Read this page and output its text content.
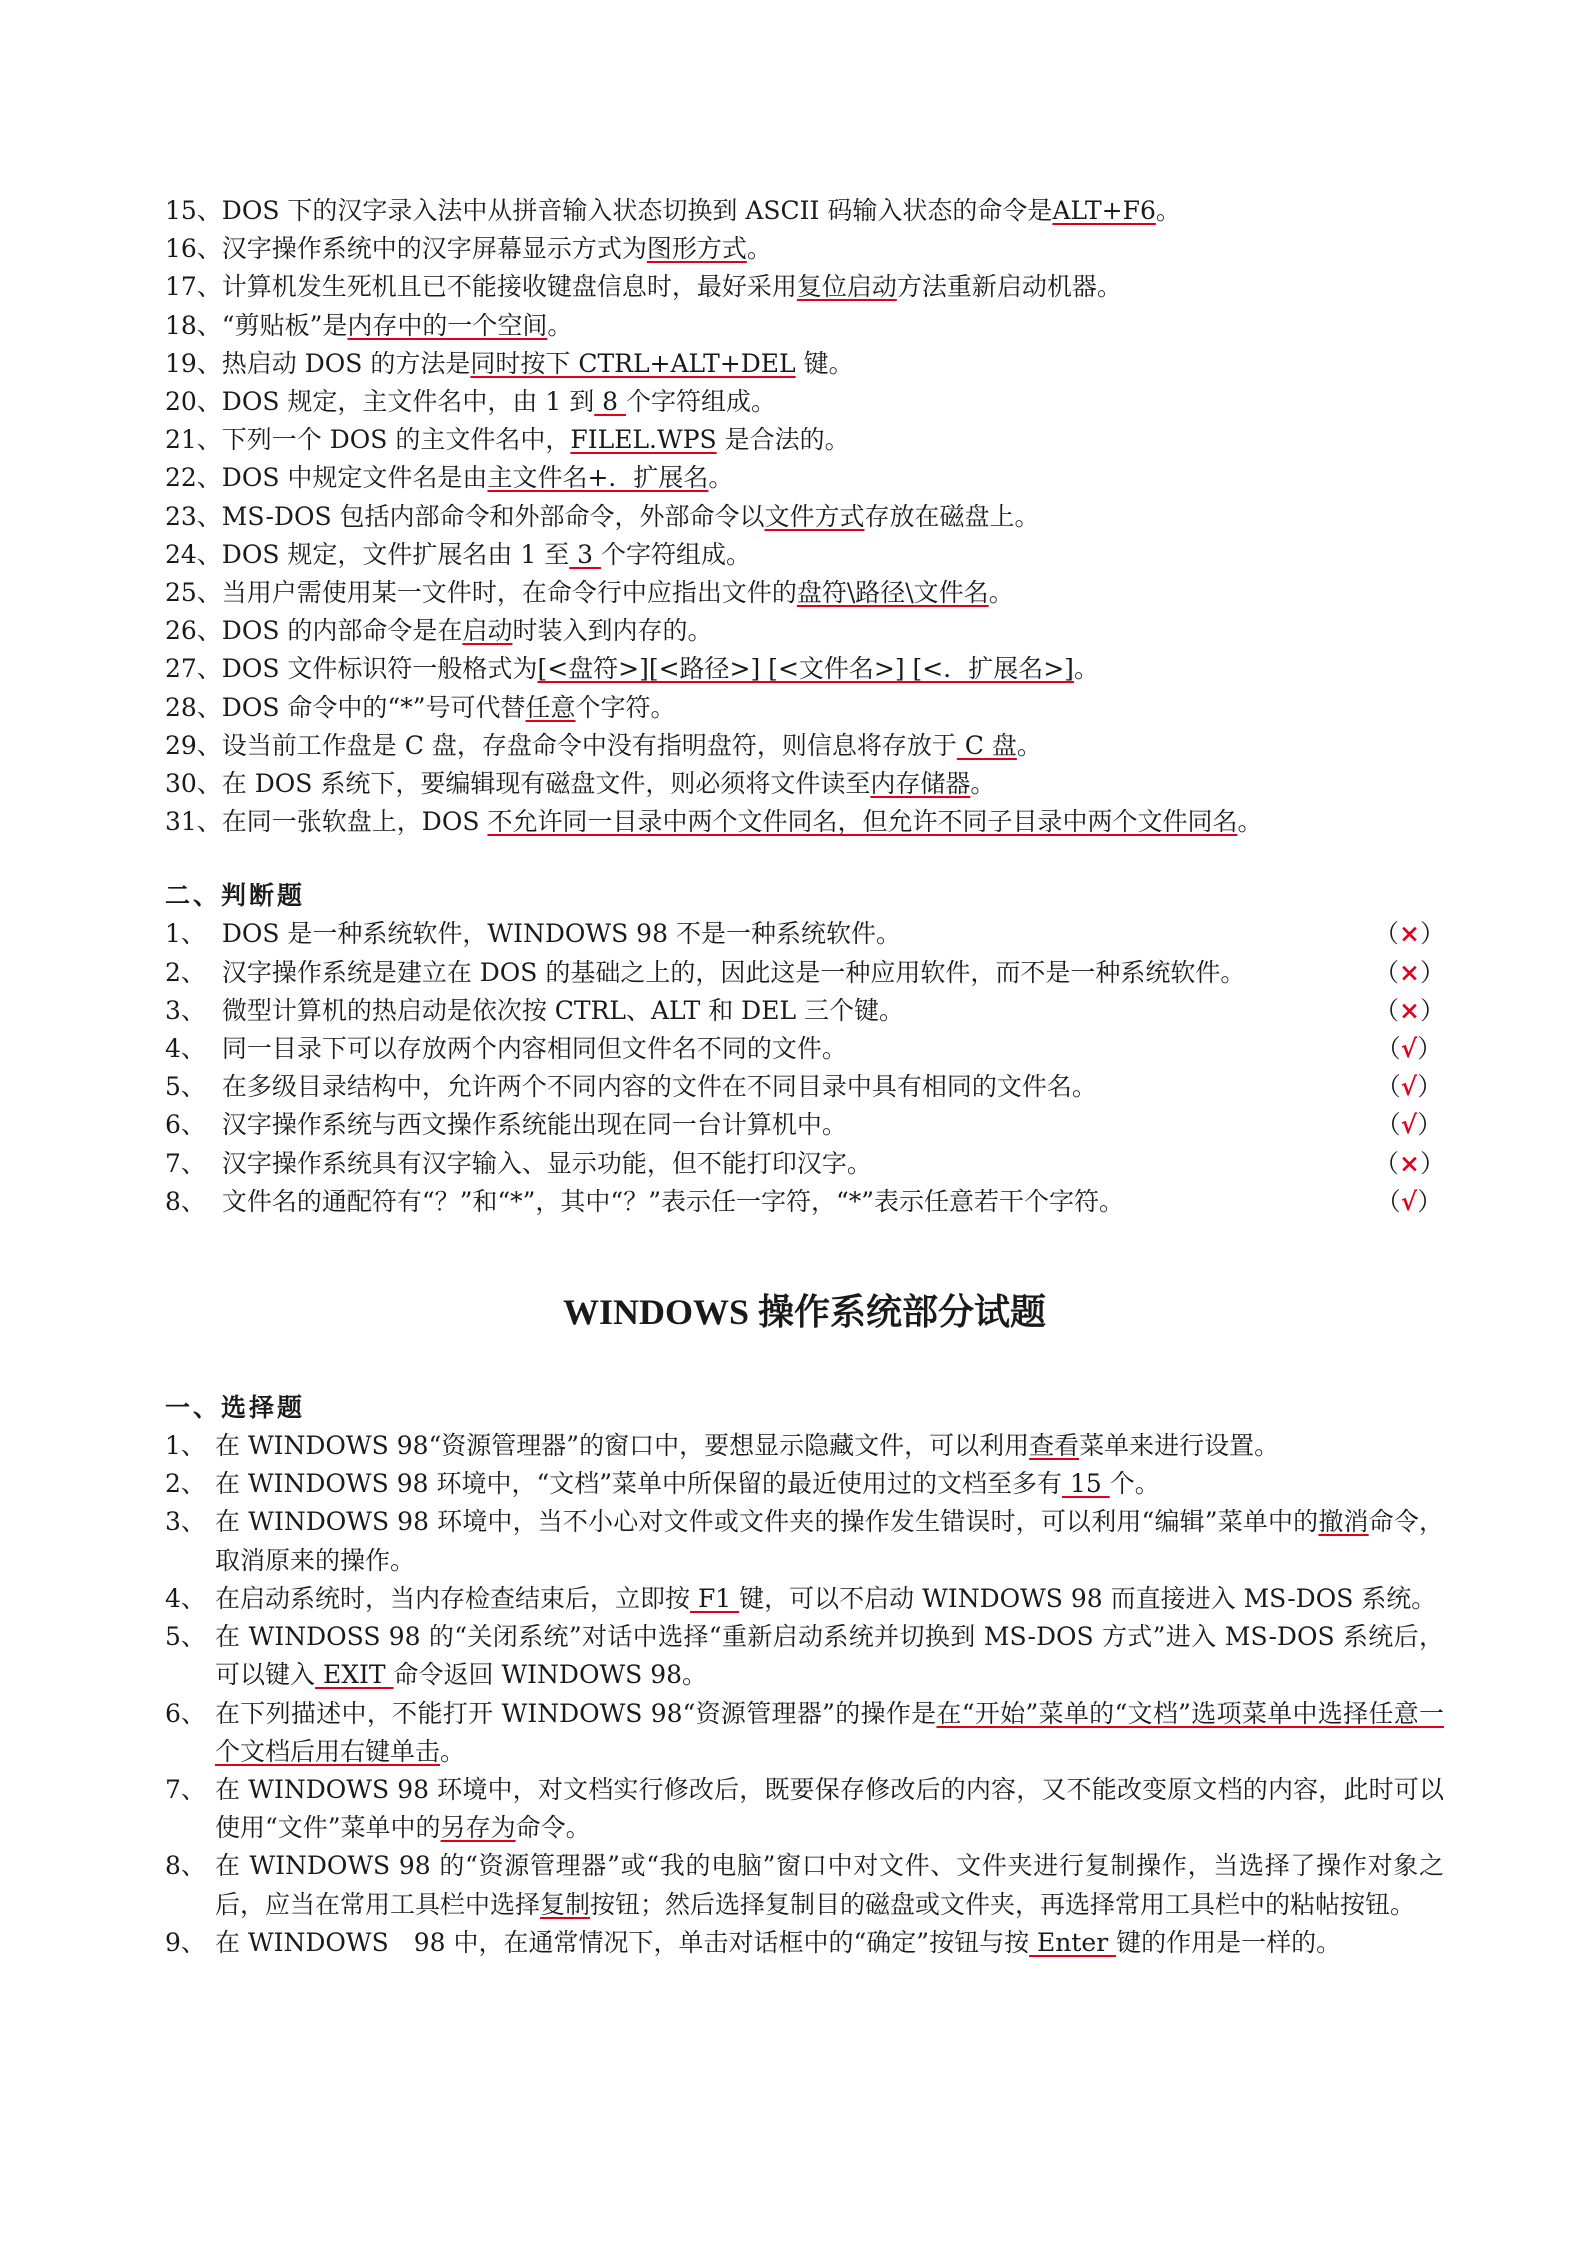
15、DOS 下的汉字录入法中从拼音输入状态切换到 ASCII 码输入状态的命令是ALT+F6。
16、汉字操作系统中的汉字屏幕显示方式为图形方式。
17、计算机发生死机且已不能接收键盘信息时，最好采用复位启动方法重新启动机器。
18、“剪贴板”是内存中的一个空间。
19、热启动 DOS 的方法是同时按下 CTRL+ALT+DEL 键。
20、DOS 规定，主文件名中，由 1 到 8 个字符组成。
21、下列一个 DOS 的主文件名中，FILEL.WPS 是合法的。
22、DOS 中规定文件名是由主文件名+．扩展名。
23、MS-DOS 包括内部命令和外部命令，外部命令以文件方式存放在磁盘上。
24、DOS 规定，文件扩展名由 1 至 3 个字符组成。
25、当用户需使用某一文件时，在命令行中应指出文件的盘符\路径\文件名。
26、DOS 的内部命令是在启动时装入到内存的。
27、DOS 文件标识符一般格式为[<盘符>][<路径>] [<文件名>] [<．扩展名>]。
28、DOS 命令中的“*”号可代替任意个字符。
29、设当前工作盘是 C 盘，存盘命令中没有指明盘符，则信息将存放于 C 盘。
30、在 DOS 系统下，要编辑现有磁盘文件，则必须将文件读至内存储器。
31、在同一张软盘上，DOS 不允许同一目录中两个文件同名，但允许不同子目录中两个文件同名。
二、判断题
1、 DOS 是一种系统软件，WINDOWS 98 不是一种系统软件。	（×）
2、 汉字操作系统是建立在 DOS 的基础之上的，因此这是一种应用软件，而不是一种系统软件。	（×）
3、 微型计算机的热启动是依次按 CTRL、ALT 和 DEL 三个键。	（×）
4、 同一目录下可以存放两个内容相同但文件名不同的文件。	（√）
5、 在多级目录结构中，允许两个不同内容的文件在不同目录中具有相同的文件名。	（√）
6、 汉字操作系统与西文操作系统能出现在同一台计算机中。	（√）
7、 汉字操作系统具有汉字输入、显示功能，但不能打印汉字。	（×）
8、 文件名的通配符有“？”和“*”，其中“？”表示任一字符，“*”表示任意若干个字符。	（√）
WINDOWS 操作系统部分试题
一、选择题
1、 在 WINDOWS 98“资源管理器”的窗口中，要想显示隐藏文件，可以利用查看菜单来进行设置。
2、 在 WINDOWS 98 环境中，“文档”菜单中所保留的最近使用过的文档至多有 15 个。
3、 在 WINDOWS 98 环境中，当不小心对文件或文件夹的操作发生错误时，可以利用“编辑”菜单中的撤消命令，取消原来的操作。
4、 在启动系统时，当内存检查结束后，立即按 F1 键，可以不启动 WINDOWS 98 而直接进入 MS-DOS 系统。
5、 在 WINDOSS 98 的“关闭系统”对话中选择“重新启动系统并切换到 MS-DOS 方式”进入 MS-DOS 系统后，可以键入 EXIT 命令返回 WINDOWS 98。
6、 在下列描述中，不能打开 WINDOWS 98“资源管理器”的操作是在“开始”菜单的“文档”选项菜单中选择任意一个文档后用右键单击。
7、 在 WINDOWS 98 环境中，对文档实行修改后，既要保存修改后的内容，又不能改变原文档的内容，此时可以使用“文件”菜单中的另存为命令。
8、 在 WINDOWS 98 的“资源管理器”或“我的电脑”窗口中对文件、文件夹进行复制操作，当选择了操作对象之后，应当在常用工具栏中选择复制按钮；然后选择复制目的磁盘或文件夹，再选择常用工具栏中的粘帖按钮。
9、 在 WINDOWS　98 中，在通常情况下，单击对话框中的“确定”按钮与按 Enter 键的作用是一样的。
